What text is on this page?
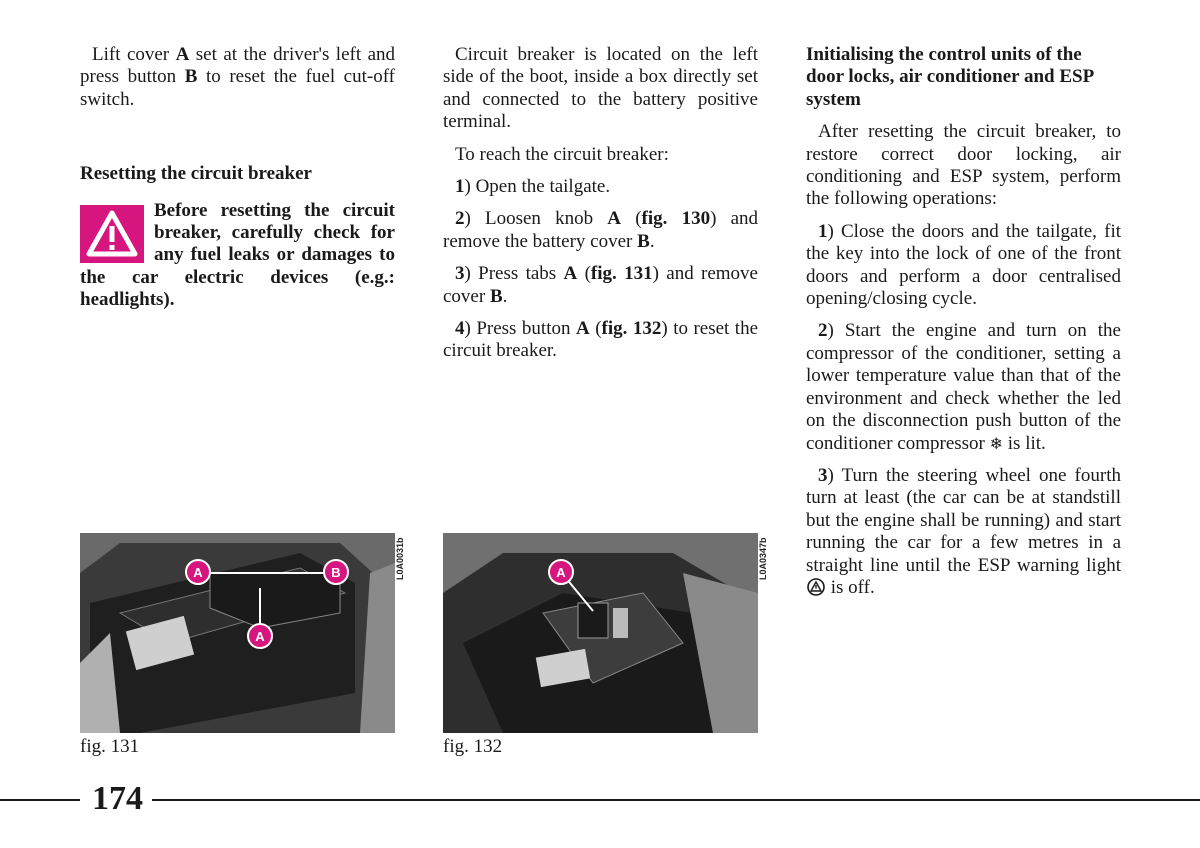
Lift cover A set at the driver's left and press button B to reset the fuel cut-off switch.

Resetting the circuit breaker

Before resetting the circuit breaker, carefully check for any fuel leaks or damages to the car electric devices (e.g.: headlights).

Circuit breaker is located on the left side of the boot, inside a box directly set and connected to the battery positive terminal.

To reach the circuit breaker:

1) Open the tailgate.

2) Loosen knob A (fig. 130) and remove the battery cover B.

3) Press tabs A (fig. 131) and remove cover B.

4) Press button A (fig. 132) to reset the circuit breaker.

Initialising the control units of the door locks, air conditioner and ESP system

After resetting the circuit breaker, to restore correct door locking, air conditioning and ESP system, perform the following operations:

1) Close the doors and the tailgate, fit the key into the lock of one of the front doors and perform a door centralised opening/closing cycle.

2) Start the engine and turn on the compressor of the conditioner, setting a lower temperature value than that of the environment and check whether the led on the disconnection push button of the conditioner compressor ❄ is lit.

3) Turn the steering wheel one fourth turn at least (the car can be at standstill but the engine shall be running) and start running the car for a few metres in a straight line until the ESP warning light  is off.

A	B
A
L0A0031b
fig. 131
A	L0A0347b
fig. 132
174
